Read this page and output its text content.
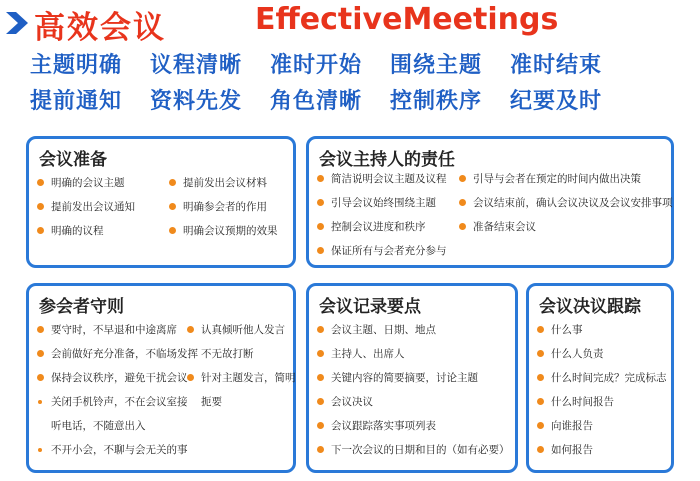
高效会议	EffectiveMeetings
主题明确 议程清晰 准时开始 围绕主题 准时结束
提前通知 资料先发 角色清晰 控制秩序 纪要及时
会议准备
明确的会议主题
提前发出会议通知
明确的议程
提前发出会议材料
明确参会者的作用
明确会议预期的效果
会议主持人的责任
简洁说明会议主题及议程
引导会议始终围绕主题
控制会议进度和秩序
保证所有与会者充分参与
引导与会者在预定的时间内做出决策
会议结束前，确认会议决议及会议安排事项
准备结束会议
参会者守则
要守时，不早退和中途离席
会前做好充分准备，不临场发挥
保持会议秩序，避免干扰会议
关闭手机铃声，不在会议室接
听电话，不随意出入
不开小会，不聊与会无关的事
认真倾听他人发言
不无故打断
针对主题发言，简明
扼要
会议记录要点
会议主题、日期、地点
主持人、出席人
关键内容的简要摘要，讨论主题
会议决议
会议跟踪落实事项列表
下一次会议的日期和目的（如有必要）
会议决议跟踪
什么事
什么人负责
什么时间完成？完成标志
什么时间报告
向谁报告
如何报告
